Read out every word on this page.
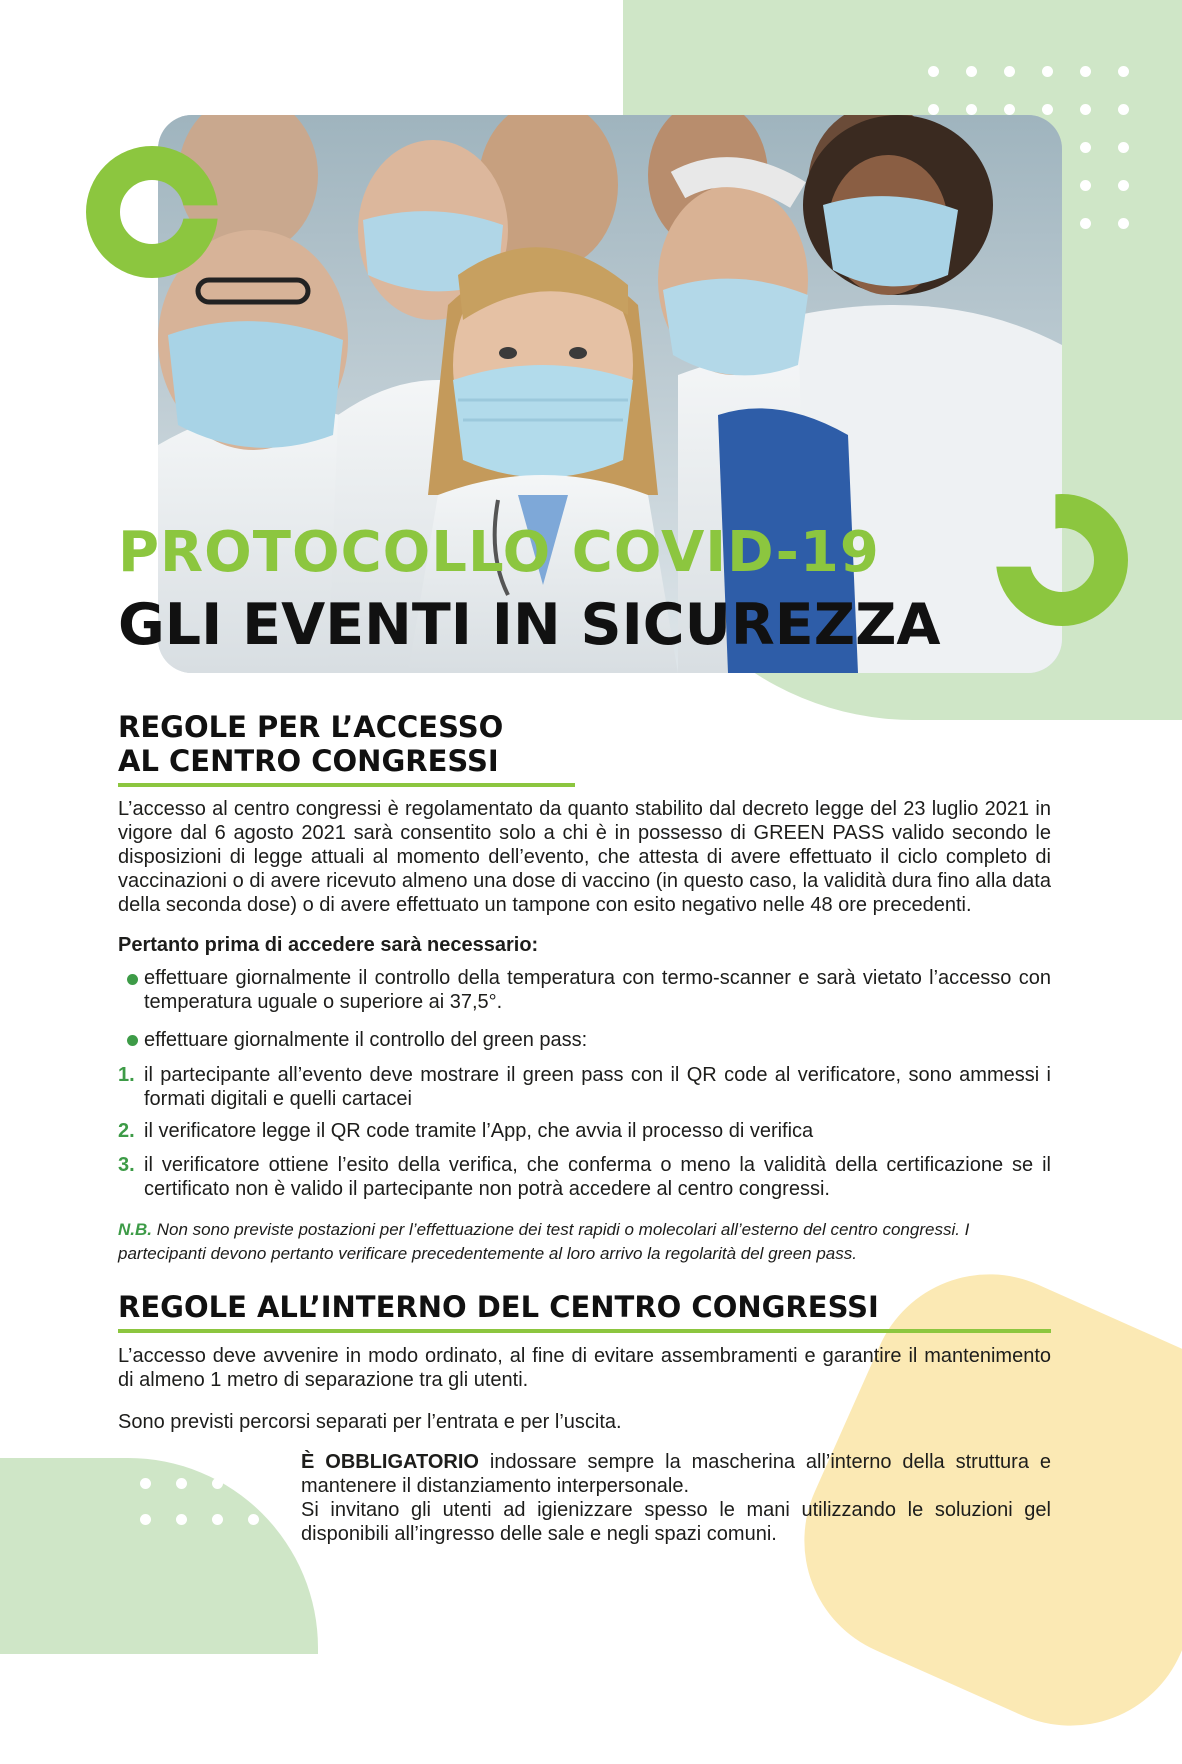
PROTOCOLLO COVID-19
GLI EVENTI IN SICUREZZA
REGOLE PER L’ACCESSO
AL CENTRO CONGRESSI
L’accesso al centro congressi è regolamentato da quanto stabilito dal decreto legge del 23 luglio 2021 in vigore dal 6 agosto 2021 sarà consentito solo a chi è in possesso di GREEN PASS valido secondo le disposizioni di legge attuali al momento dell’evento, che attesta di avere effettuato il ciclo completo di vaccinazioni o di avere ricevuto almeno una dose di vaccino (in questo caso, la validità dura fino alla data della seconda dose) o di avere effettuato un tampone con esito negativo nelle 48 ore precedenti.
Pertanto prima di accedere sarà necessario:
effettuare giornalmente il controllo della temperatura con termo-scanner e sarà vietato l’accesso con temperatura uguale o superiore ai 37,5°.
effettuare giornalmente il controllo del green pass:
1. il partecipante all’evento deve mostrare il green pass con il QR code al verificatore, sono ammessi i formati digitali e quelli cartacei
2. il verificatore legge il QR code tramite l’App, che avvia il processo di verifica
3. il verificatore ottiene l’esito della verifica, che conferma o meno la validità della certificazione se il certificato non è valido il partecipante non potrà accedere al centro congressi.
N.B. Non sono previste postazioni per l’effettuazione dei test rapidi o molecolari all’esterno del centro congressi. I partecipanti devono pertanto verificare precedentemente al loro arrivo la regolarità del green pass.
REGOLE ALL’INTERNO DEL CENTRO CONGRESSI
L’accesso deve avvenire in modo ordinato, al fine di evitare assembramenti e garantire il mantenimento di almeno 1 metro di separazione tra gli utenti.
Sono previsti percorsi separati per l’entrata e per l’uscita.
È OBBLIGATORIO indossare sempre la mascherina all’interno della struttura e mantenere il distanziamento interpersonale.
Si invitano gli utenti ad igienizzare spesso le mani utilizzando le soluzioni gel disponibili all’ingresso delle sale e negli spazi comuni.
